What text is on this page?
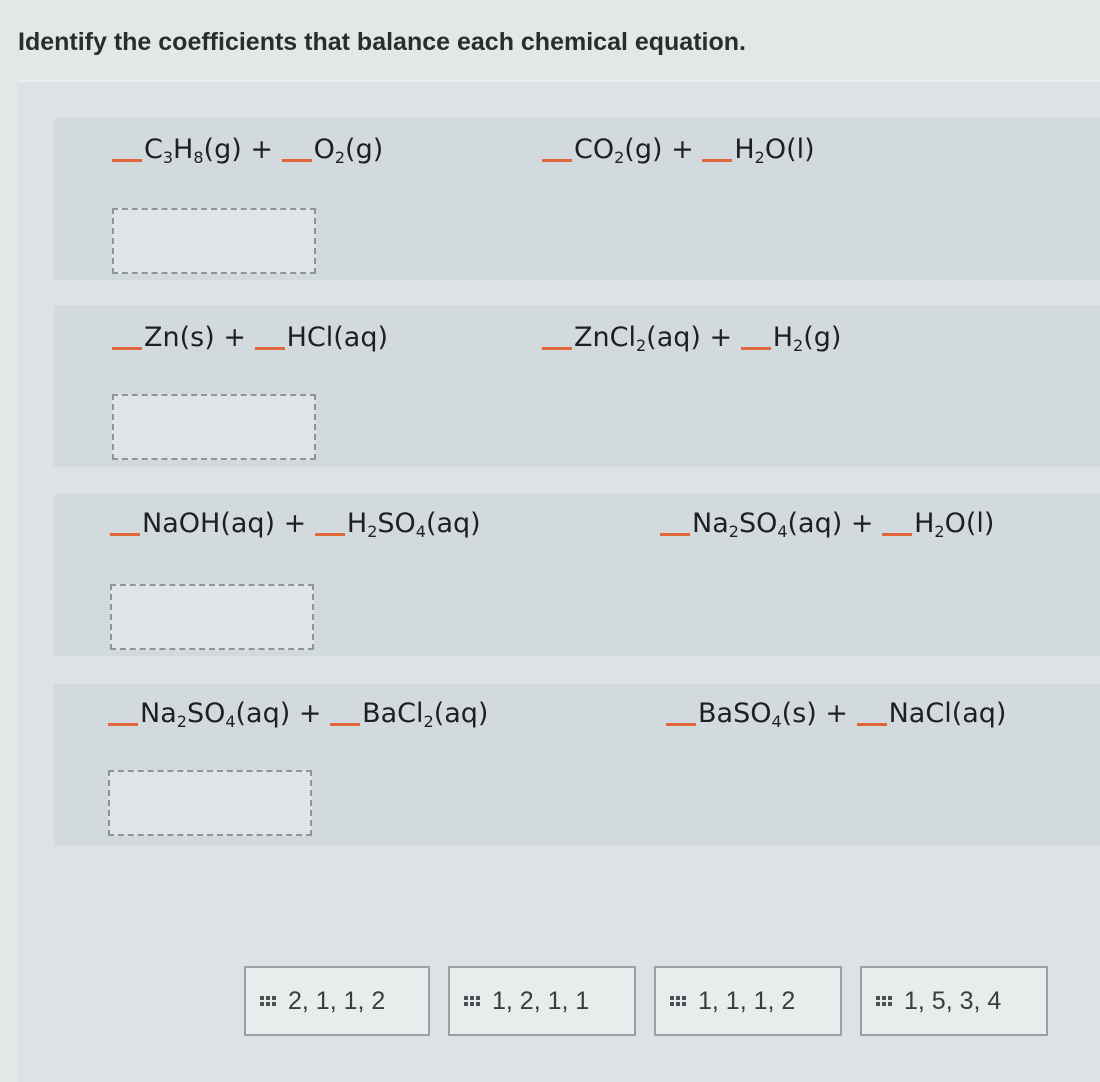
Identify the coefficients that balance each chemical equation.
$C_3H_8(g) + O_2(g)$	$CO_2(g) + H_2O(l)$
Zn(s) + HCl(aq)	ZnCl$_2$(aq) + $H_2(g)$
NaOH(aq) + $H_2SO_4(aq)$	$Na_2SO_4(aq) + H_2O(l)$
$Na_2SO_4(aq)$ + BaCl$_2$(aq)	BaSO$_4$(s) + NaCl(aq)
2, 1, 1, 2	1, 2, 1, 1	1, 1, 1, 2	1, 5, 3, 4
